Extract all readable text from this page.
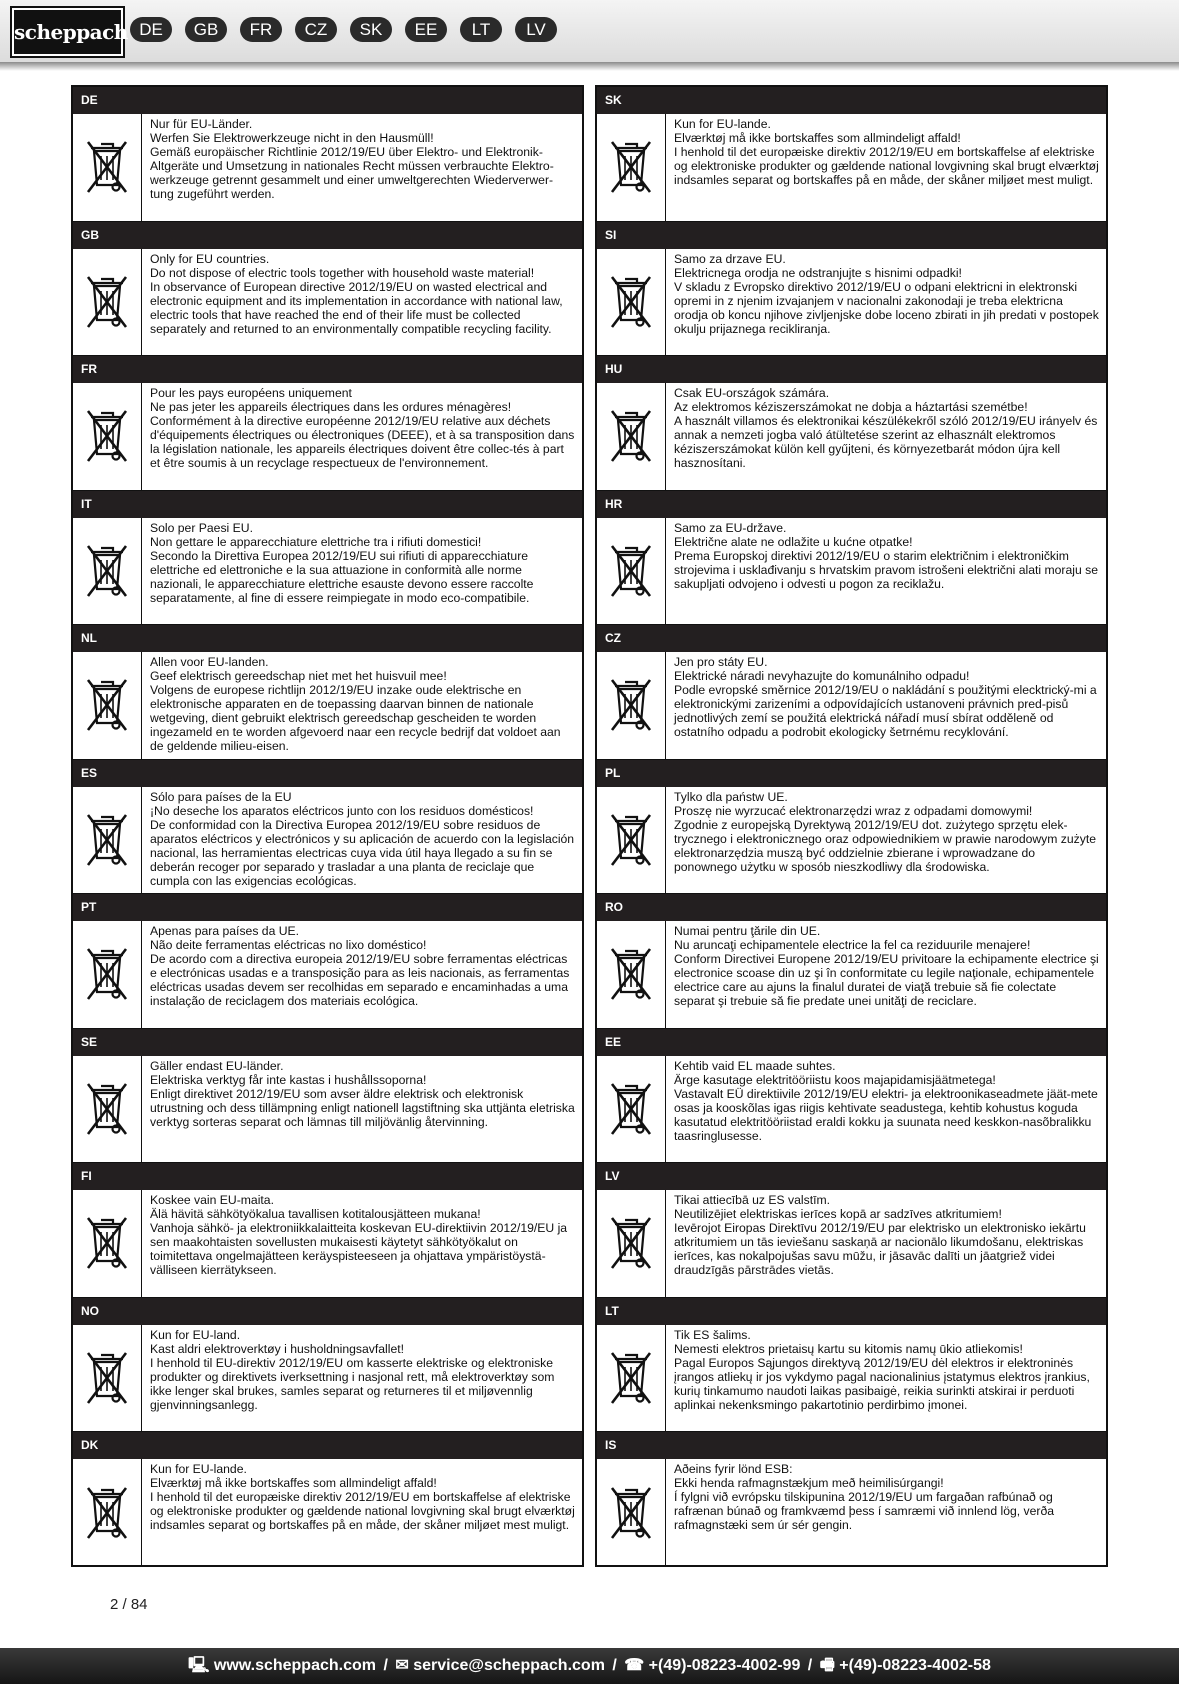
scheppach DE	GB	FR	CZ	SK	EE	LT	LV
DE
Nur für EU-Länder.
Werfen Sie Elektrowerkzeuge nicht in den Hausmüll!
Gemäß europäischer Richtlinie 2012/19/EU über Elektro- und Elektronik-Altgeräte und Umsetzung in nationales Recht müssen verbrauchte Elektro-werkzeuge getrennt gesammelt und einer umweltgerechten Wiederverwer-tung zugeführt werden.
GB
Only for EU countries.
Do not dispose of electric tools together with household waste material!
In observance of European directive 2012/19/EU on wasted electrical and electronic equipment and its implementation in accordance with national law, electric tools that have reached the end of their life must be collected separately and returned to an environmentally compatible recycling facility.
FR
Pour les pays européens uniquement
Ne pas jeter les appareils électriques dans les ordures ménagères!
Conformément à la directive européenne 2012/19/EU relative aux déchets d'équipements électriques ou électroniques (DEEE), et à sa transposition dans la législation nationale, les appareils électriques doivent être collec-tés à part et être soumis à un recyclage respectueux de l'environnement.
IT
Solo per Paesi EU.
Non gettare le apparecchiature elettriche tra i rifiuti domestici!
Secondo la Direttiva Europea 2012/19/EU sui rifiuti di apparecchiature elettriche ed elettroniche e la sua attuazione in conformità alle norme nazionali, le apparecchiature elettriche esauste devono essere raccolte separatamente, al fine di essere reimpiegate in modo eco-compatibile.
NL
Allen voor EU-landen.
Geef elektrisch gereedschap niet met het huisvuil mee!
Volgens de europese richtlijn 2012/19/EU inzake oude elektrische en elektronische apparaten en de toepassing daarvan binnen de nationale wetgeving, dient gebruikt elektrisch gereedschap gescheiden te worden ingezameld en te worden afgevoerd naar een recycle bedrijf dat voldoet aan de geldende milieu-eisen.
ES
Sólo para países de la EU
¡No deseche los aparatos eléctricos junto con los residuos domésticos!
De conformidad con la Directiva Europea 2012/19/EU sobre residuos de aparatos eléctricos y electrónicos y su aplicación de acuerdo con la legislación nacional, las herramientas electricas cuya vida útil haya llegado a su fin se deberán recoger por separado y trasladar a una planta de reciclaje que cumpla con las exigencias ecológicas.
PT
Apenas para países da UE.
Não deite ferramentas eléctricas no lixo doméstico!
De acordo com a directiva europeia 2012/19/EU sobre ferramentas eléctricas e electrónicas usadas e a transposição para as leis nacionais, as ferramentas eléctricas usadas devem ser recolhidas em separado e encaminhadas a uma instalação de reciclagem dos materiais ecológica.
SE
Gäller endast EU-länder.
Elektriska verktyg får inte kastas i hushållssoporna!
Enligt direktivet 2012/19/EU som avser äldre elektrisk och elektronisk utrustning och dess tillämpning enligt nationell lagstiftning ska uttjänta eletriska verktyg sorteras separat och lämnas till miljövänlig återvinning.
FI
Koskee vain EU-maita.
Älä hävitä sähkötyökalua tavallisen kotitalousjätteen mukana!
Vanhoja sähkö- ja elektroniikkalaitteita koskevan EU-direktiivin 2012/19/EU ja sen maakohtaisten sovellusten mukaisesti käytetyt sähkötyökalut on toimitettava ongelmajätteen keräyspisteeseen ja ohjattava ympäristöystä-välliseen kierrätykseen.
NO
Kun for EU-land.
Kast aldri elektroverktøy i husholdningsavfallet!
I henhold til EU-direktiv 2012/19/EU om kasserte elektriske og elektroniske produkter og direktivets iverksettning i nasjonal rett, må elektroverktøy som ikke lenger skal brukes, samles separat og returneres til et miljøvennlig gjenvinningsanlegg.
DK
Kun for EU-lande.
Elværktøj må ikke bortskaffes som allmindeligt affald!
I henhold til det europæiske direktiv 2012/19/EU em bortskaffelse af elektriske og elektroniske produkter og gældende national lovgivning skal brugt elværktøj indsamles separat og bortskaffes på en måde, der skåner miljøet mest muligt.
SK
Kun for EU-lande.
Elværktøj må ikke bortskaffes som allmindeligt affald!
I henhold til det europæiske direktiv 2012/19/EU em bortskaffelse af elektriske og elektroniske produkter og gældende national lovgivning skal brugt elværktøj indsamles separat og bortskaffes på en måde, der skåner miljøet mest muligt.
SI
Samo za drzave EU.
Elektricnega orodja ne odstranjujte s hisnimi odpadki!
V skladu z Evropsko direktivo 2012/19/EU o odpani elektricni in elektronski opremi in z njenim izvajanjem v nacionalni zakonodaji je treba elektricna orodja ob koncu njihove zivljenjske dobe loceno zbirati in jih predati v postopek okulju prijaznega recikliranja.
HU
Csak EU-országok számára.
Az elektromos kéziszerszámokat ne dobja a háztartási szemétbe!
A használt villamos és elektronikai készülékekről szóló 2012/19/EU irányelv és annak a nemzeti jogba való átültetése szerint az elhasznált elektromos kéziszerszámokat külön kell gyűjteni, és környezetbarát módon újra kell hasznosítani.
HR
Samo za EU-države.
Električne alate ne odlažite u kućne otpatke!
Prema Europskoj direktivi 2012/19/EU o starim električnim i elektroničkim strojevima i usklađivanju s hrvatskim pravom istrošeni električni alati moraju se sakupljati odvojeno i odvesti u pogon za reciklažu.
CZ
Jen pro státy EU.
Elektrické náradi nevyhazujte do komunálniho odpadu!
Podle evropské směrnice 2012/19/EU o nakládání s použitými elecktrický-mi a elektronickými zarizeními a odpovídajících ustanoveni právnich pred-pisů jednotlivých zemí se použitá elektrická nářadí musí sbírat odděleně od ostatního odpadu a podrobit ekologicky šetrnému recyklování.
PL
Tylko dla państw UE.
Proszę nie wyrzucać elektronarzędzi wraz z odpadami domowymi!
Zgodnie z europejską Dyrektywą 2012/19/EU dot. zużytego sprzętu elek-trycznego i elektronicznego oraz odpowiednikiem w prawie narodowym zużyte elektronarzędzia muszą być oddzielnie zbierane i wprowadzane do ponownego użytku w sposób nieszkodliwy dla środowiska.
RO
Numai pentru ţările din UE.
Nu aruncaţi echipamentele electrice la fel ca reziduurile menajere!
Conform Directivei Europene 2012/19/EU privitoare la echipamente electrice şi electronice scoase din uz şi în conformitate cu legile naţionale, echipamentele electrice care au ajuns la finalul duratei de viaţă trebuie să fie colectate separat şi trebuie să fie predate unei unităţi de reciclare.
EE
Kehtib vaid EL maade suhtes.
Ärge kasutage elektritööriistu koos majapidamisjäätmetega!
Vastavalt EÜ direktiivile 2012/19/EU elektri- ja elektroonikaseadmete jäät-mete osas ja kooskõlas igas riigis kehtivate seadustega, kehtib kohustus koguda kasutatud elektritööriistad eraldi kokku ja suunata need keskkon-nasõbralikku taasringlusesse.
LV
Tikai attiecībā uz ES valstīm.
Neutilizējiet elektriskas ierīces kopā ar sadzīves atkritumiem!
Ievērojot Eiropas Direktīvu 2012/19/EU par elektrisko un elektronisko iekārtu atkritumiem un tās ieviešanu saskaņā ar nacionālo likumdošanu, elektriskas ierīces, kas nokalpojušas savu mūžu, ir jāsavāc dalīti un jāatgriež videi draudzīgās pārstrādes vietās.
LT
Tik ES šalims.
Nemesti elektros prietaisų kartu su kitomis namų ūkio atliekomis!
Pagal Europos Sąjungos direktyvą 2012/19/EU dėl elektros ir elektroninės įrangos atliekų ir jos vykdymo pagal nacionalinius įstatymus elektros įrankius, kurių tinkamumo naudoti laikas pasibaigė, reikia surinkti atskirai ir perduoti aplinkai nekenksmingo pakartotinio perdirbimo įmonei.
IS
Aðeins fyrir lönd ESB:
Ekki henda rafmagnstækjum með heimilisúrgangi!
Í fylgni við evrópsku tilskipunina 2012/19/EU um fargaðan rafbúnað og rafrænan búnað og framkvæmd þess í samræmi við innlend lög, verða rafmagnstæki sem úr sér gengin.
2 / 84
🖳 www.scheppach.com / ✉ service@scheppach.com / ☎ +(49)-08223-4002-99 / 🖷 +(49)-08223-4002-58
